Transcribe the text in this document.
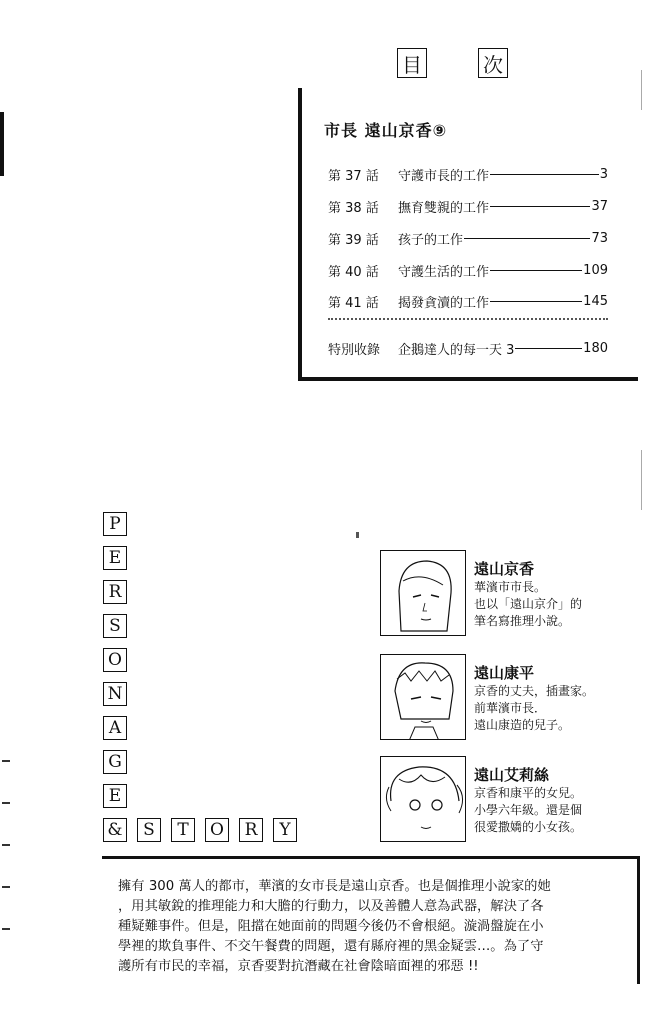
目	次
市長 遠山京香⑨
第 37 話	守護市長的工作	3
第 38 話	撫育雙親的工作	37
第 39 話	孩子的工作	73
第 40 話	守護生活的工作	109
第 41 話	揭發貪瀆的工作	145
特別收錄	企鵝達人的每一天 3	180
P
E
R
S
O
N
A
G
E
& S T O R Y
遠山京香
華濱市市長。
也以「遠山京介」的
筆名寫推理小說。
遠山康平
京香的丈夫，插畫家。
前華濱市長．
遠山康造的兒子。
遠山艾莉絲
京香和康平的女兒。
小學六年級。還是個
很愛撒嬌的小女孩。
擁有 300 萬人的都市，華濱的女市長是遠山京香。也是個推理小說家的她
，用其敏銳的推理能力和大膽的行動力，以及善體人意為武器，解決了各
種疑難事件。但是，阻擋在她面前的問題今後仍不會根絕。漩渦盤旋在小
學裡的欺負事件、不交午餐費的問題，還有縣府裡的黑金疑雲…。為了守
護所有市民的幸福，京香要對抗潛藏在社會陰暗面裡的邪惡 !!
